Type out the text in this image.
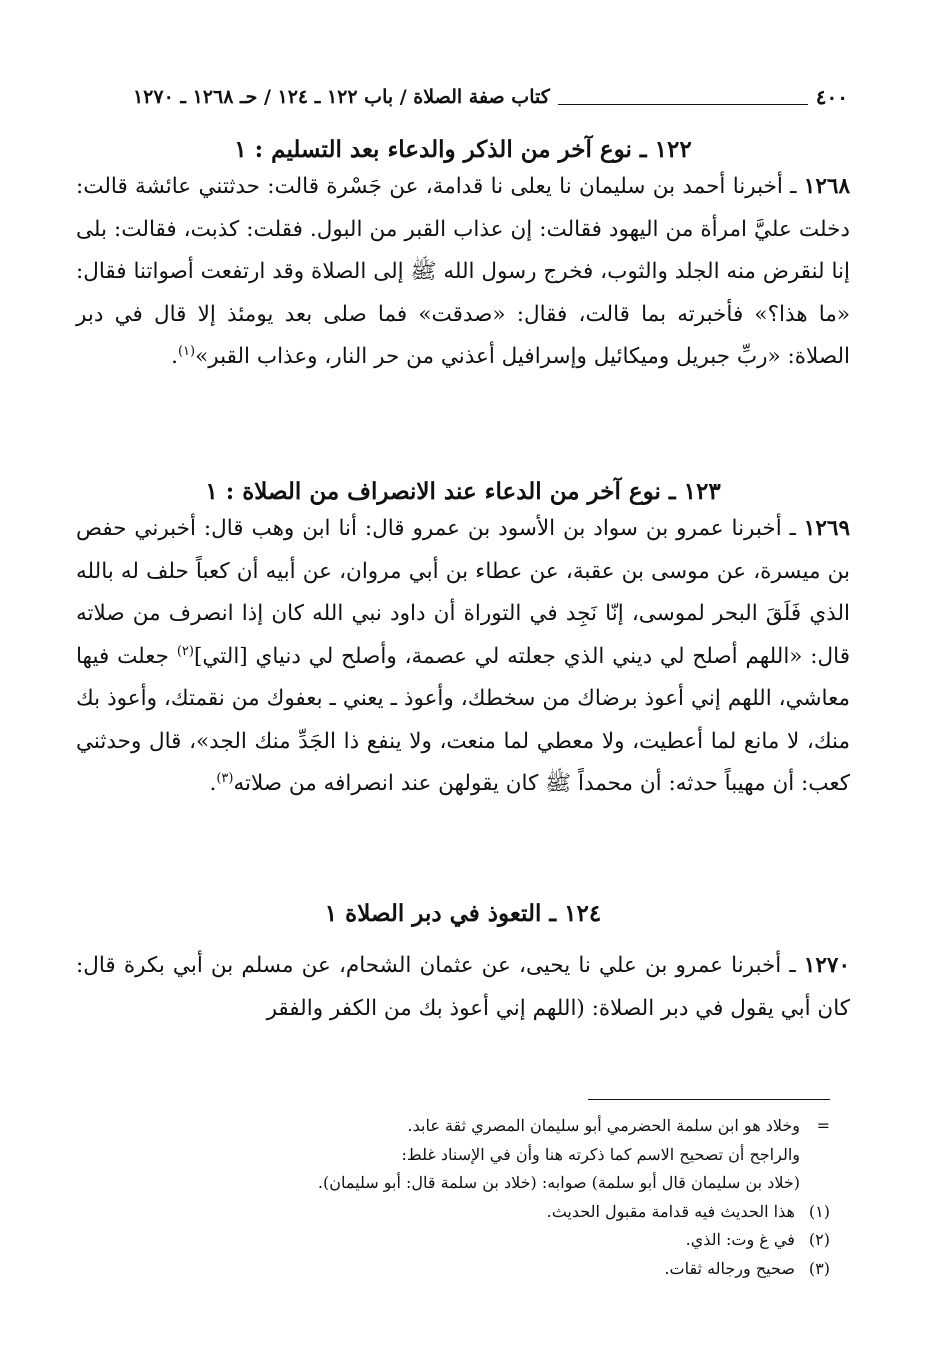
٤٠٠
كتاب صفة الصلاة / باب ١٢٢ ـ ١٢٤ / حـ ١٢٦٨ ـ ١٢٧٠
١٢٢ ـ نوع آخر من الذكر والدعاء بعد التسليم : ١

١٢٦٨ ـ أخبرنا أحمد بن سليمان نا يعلى نا قدامة، عن جَسْرة قالت: حدثتني عائشة قالت: دخلت عليَّ امرأة من اليهود فقالت: إن عذاب القبر من البول. فقلت: كذبت، فقالت: بلى إنا لنقرض منه الجلد والثوب، فخرج رسول الله ﷺ إلى الصلاة وقد ارتفعت أصواتنا فقال: «ما هذا؟» فأخبرته بما قالت، فقال: «صدقت» فما صلى بعد يومئذ إلا قال في دبر الصلاة: «ربِّ جبريل وميكائيل وإسرافيل أعذني من حر النار، وعذاب القبر»$^{(١)}$.

١٢٣ ـ نوع آخر من الدعاء عند الانصراف من الصلاة : ١

١٢٦٩ ـ أخبرنا عمرو بن سواد بن الأسود بن عمرو قال: أنا ابن وهب قال: أخبرني حفص بن ميسرة، عن موسى بن عقبة، عن عطاء بن أبي مروان، عن أبيه أن كعباً حلف له بالله الذي فَلَقَ البحر لموسى، إنّا نَجِد في التوراة أن داود نبي الله كان إذا انصرف من صلاته قال: «اللهم أصلح لي ديني الذي جعلته لي عصمة، وأصلح لي دنياي [التي]$^{(٢)}$ جعلت فيها معاشي، اللهم إني أعوذ برضاك من سخطك، وأعوذ ـ يعني ـ بعفوك من نقمتك، وأعوذ بك منك، لا مانع لما أعطيت، ولا معطي لما منعت، ولا ينفع ذا الجَدِّ منك الجد»، قال وحدثني كعب: أن مهيباً حدثه: أن محمداً ﷺ كان يقولهن عند انصرافه من صلاته$^{(٣)}$.

١٢٤ ـ التعوذ في دبر الصلاة ١

١٢٧٠ ـ أخبرنا عمرو بن علي نا يحيى، عن عثمان الشحام، عن مسلم بن أبي بكرة قال: كان أبي يقول في دبر الصلاة: (اللهم إني أعوذ بك من الكفر والفقر

=وخلاد هو ابن سلمة الحضرمي أبو سليمان المصري ثقة عابد.
والراجح أن تصحيح الاسم كما ذكرته هنا وأن في الإسناد غلط:
(خلاد بن سليمان قال أبو سلمة) صوابه: (خلاد بن سلمة قال: أبو سليمان).
(١) هذا الحديث فيه قدامة مقبول الحديث.
(٢) في غ وت: الذي.
(٣) صحيح ورجاله ثقات.
